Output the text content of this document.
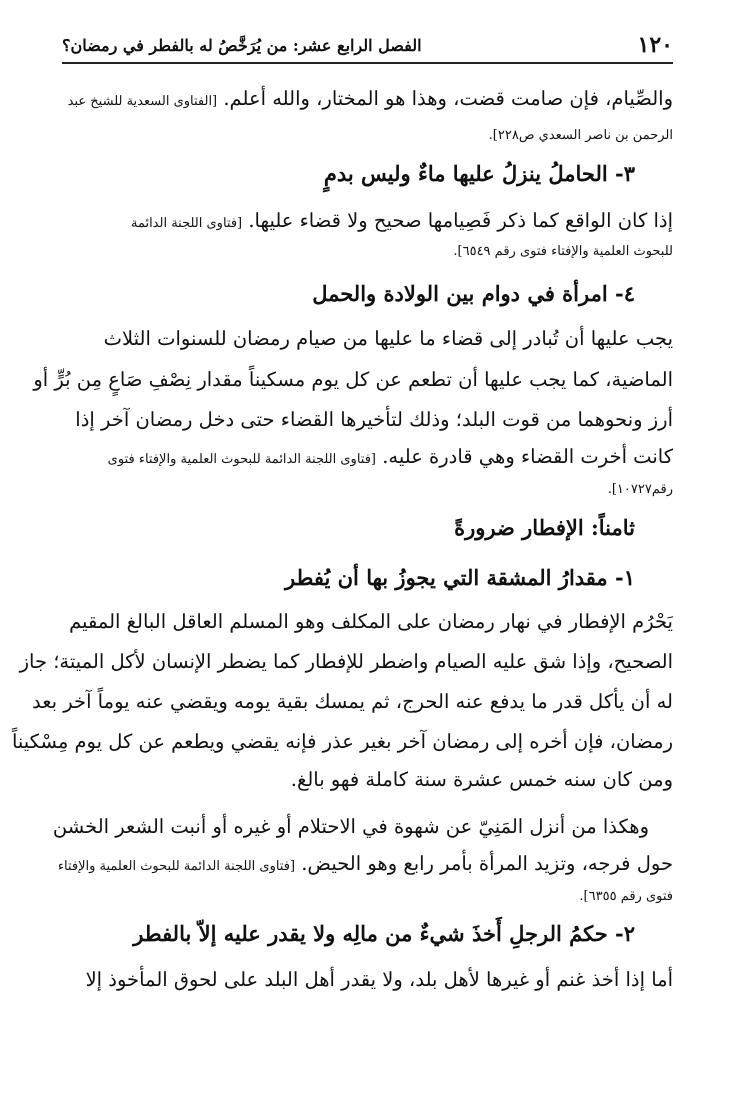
١٢٠
الفصل الرابع عشر: من يُرَخَّصُ له بالفطر في رمضان؟
والصِّيام، فإن صامت قضت، وهذا هو المختار، والله أعلم. [الفتاوى السعدية للشيخ عبد
الرحمن بن ناصر السعدي ص٢٢٨].
٣- الحاملُ ينزلُ عليها ماءٌ وليس بدمٍ
إذا كان الواقع كما ذكر فَصِيامها صحيح ولا قضاء عليها. [فتاوى اللجنة الدائمة
للبحوث العلمية والإفتاء فتوى رقم ٦٥٤٩].
٤- امرأة في دوام بين الولادة والحمل
يجب عليها أن تُبادر إلى قضاء ما عليها من صيام رمضان للسنوات الثلاث
الماضية، كما يجب عليها أن تطعم عن كل يوم مسكيناً مقدار نِصْفِ صَاعٍ مِن بُرٍّ أو
أرز ونحوهما من قوت البلد؛ وذلك لتأخيرها القضاء حتى دخل رمضان آخر إذا
كانت أخرت القضاء وهي قادرة عليه. [فتاوى اللجنة الدائمة للبحوث العلمية والإفتاء فتوى
رقم١٠٧٢٧].
ثامناً: الإفطار ضرورةً
١- مقدارُ المشقة التي يجوزُ بها أن يُفطر
يَحْرُم الإفطار في نهار رمضان على المكلف وهو المسلم العاقل البالغ المقيم
الصحيح، وإذا شق عليه الصيام واضطر للإفطار كما يضطر الإنسان لأكل الميتة؛ جاز
له أن يأكل قدر ما يدفع عنه الحرج، ثم يمسك بقية يومه ويقضي عنه يوماً آخر بعد
رمضان، فإن أخره إلى رمضان آخر بغير عذر فإنه يقضي ويطعم عن كل يوم مِسْكيناً
ومن كان سنه خمس عشرة سنة كاملة فهو بالغ.
وهكذا من أنزل المَنِيّ عن شهوة في الاحتلام أو غيره أو أنبت الشعر الخشن
حول فرجه، وتزيد المرأة بأمر رابع وهو الحيض. [فتاوى اللجنة الدائمة للبحوث العلمية والإفتاء
فتوى رقم ٦٣٥٥].
٢- حكمُ الرجلِ أَخذَ شيءٌ من مالِه ولا يقدر عليه إلاّ بالفطر
أما إذا أخذ غنم أو غيرها لأهل بلد، ولا يقدر أهل البلد على لحوق المأخوذ إلا
